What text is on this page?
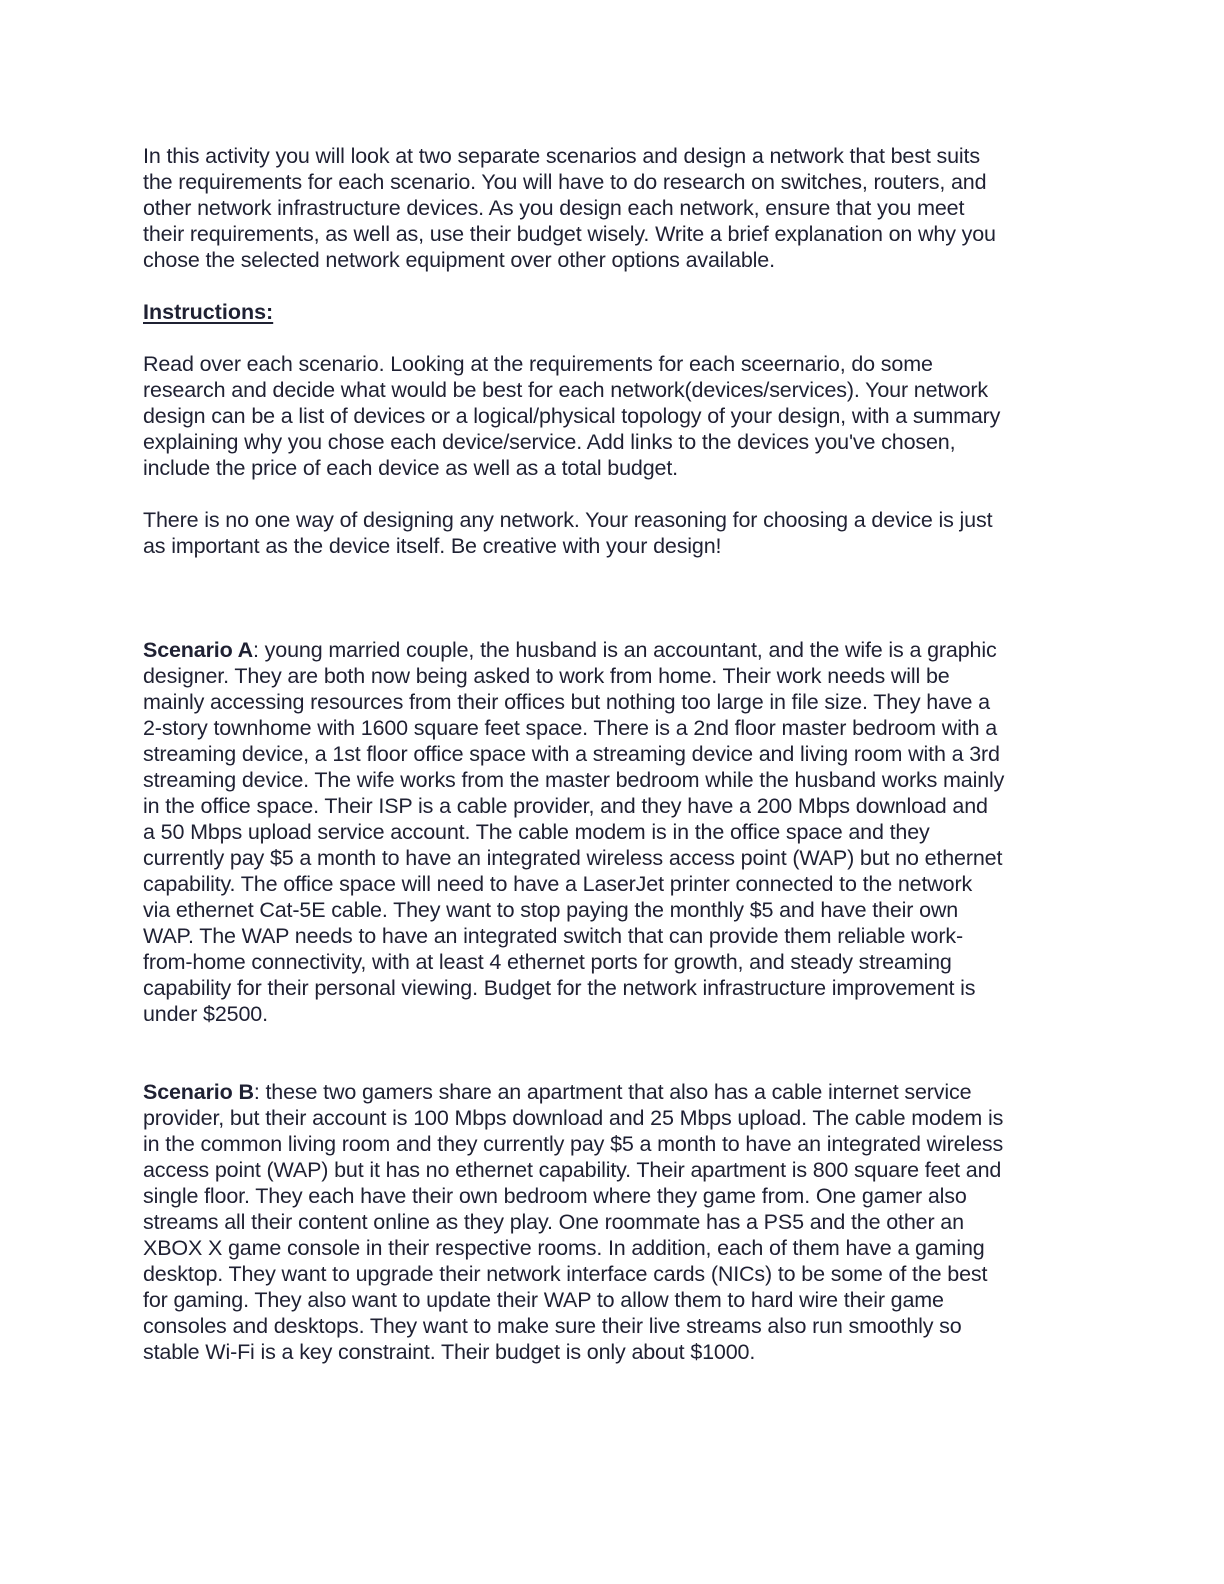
In this activity you will look at two separate scenarios and design a network that best suits
the requirements for each scenario. You will have to do research on switches, routers, and
other network infrastructure devices. As you design each network, ensure that you meet
their requirements, as well as, use their budget wisely. Write a brief explanation on why you
chose the selected network equipment over other options available.

Instructions:

Read over each scenario. Looking at the requirements for each sceernario, do some
research and decide what would be best for each network(devices/services). Your network
design can be a list of devices or a logical/physical topology of your design, with a summary
explaining why you chose each device/service. Add links to the devices you've chosen,
include the price of each device as well as a total budget.

There is no one way of designing any network. Your reasoning for choosing a device is just
as important as the device itself. Be creative with your design!

Scenario A: young married couple, the husband is an accountant, and the wife is a graphic
designer. They are both now being asked to work from home. Their work needs will be
mainly accessing resources from their offices but nothing too large in file size. They have a
2-story townhome with 1600 square feet space. There is a 2nd floor master bedroom with a
streaming device, a 1st floor office space with a streaming device and living room with a 3rd
streaming device. The wife works from the master bedroom while the husband works mainly
in the office space. Their ISP is a cable provider, and they have a 200 Mbps download and
a 50 Mbps upload service account. The cable modem is in the office space and they
currently pay $5 a month to have an integrated wireless access point (WAP) but no ethernet
capability. The office space will need to have a LaserJet printer connected to the network
via ethernet Cat-5E cable. They want to stop paying the monthly $5 and have their own
WAP. The WAP needs to have an integrated switch that can provide them reliable work-
from-home connectivity, with at least 4 ethernet ports for growth, and steady streaming
capability for their personal viewing. Budget for the network infrastructure improvement is
under $2500.

Scenario B: these two gamers share an apartment that also has a cable internet service
provider, but their account is 100 Mbps download and 25 Mbps upload. The cable modem is
in the common living room and they currently pay $5 a month to have an integrated wireless
access point (WAP) but it has no ethernet capability. Their apartment is 800 square feet and
single floor. They each have their own bedroom where they game from. One gamer also
streams all their content online as they play. One roommate has a PS5 and the other an
XBOX X game console in their respective rooms. In addition, each of them have a gaming
desktop. They want to upgrade their network interface cards (NICs) to be some of the best
for gaming. They also want to update their WAP to allow them to hard wire their game
consoles and desktops. They want to make sure their live streams also run smoothly so
stable Wi-Fi is a key constraint. Their budget is only about $1000.
